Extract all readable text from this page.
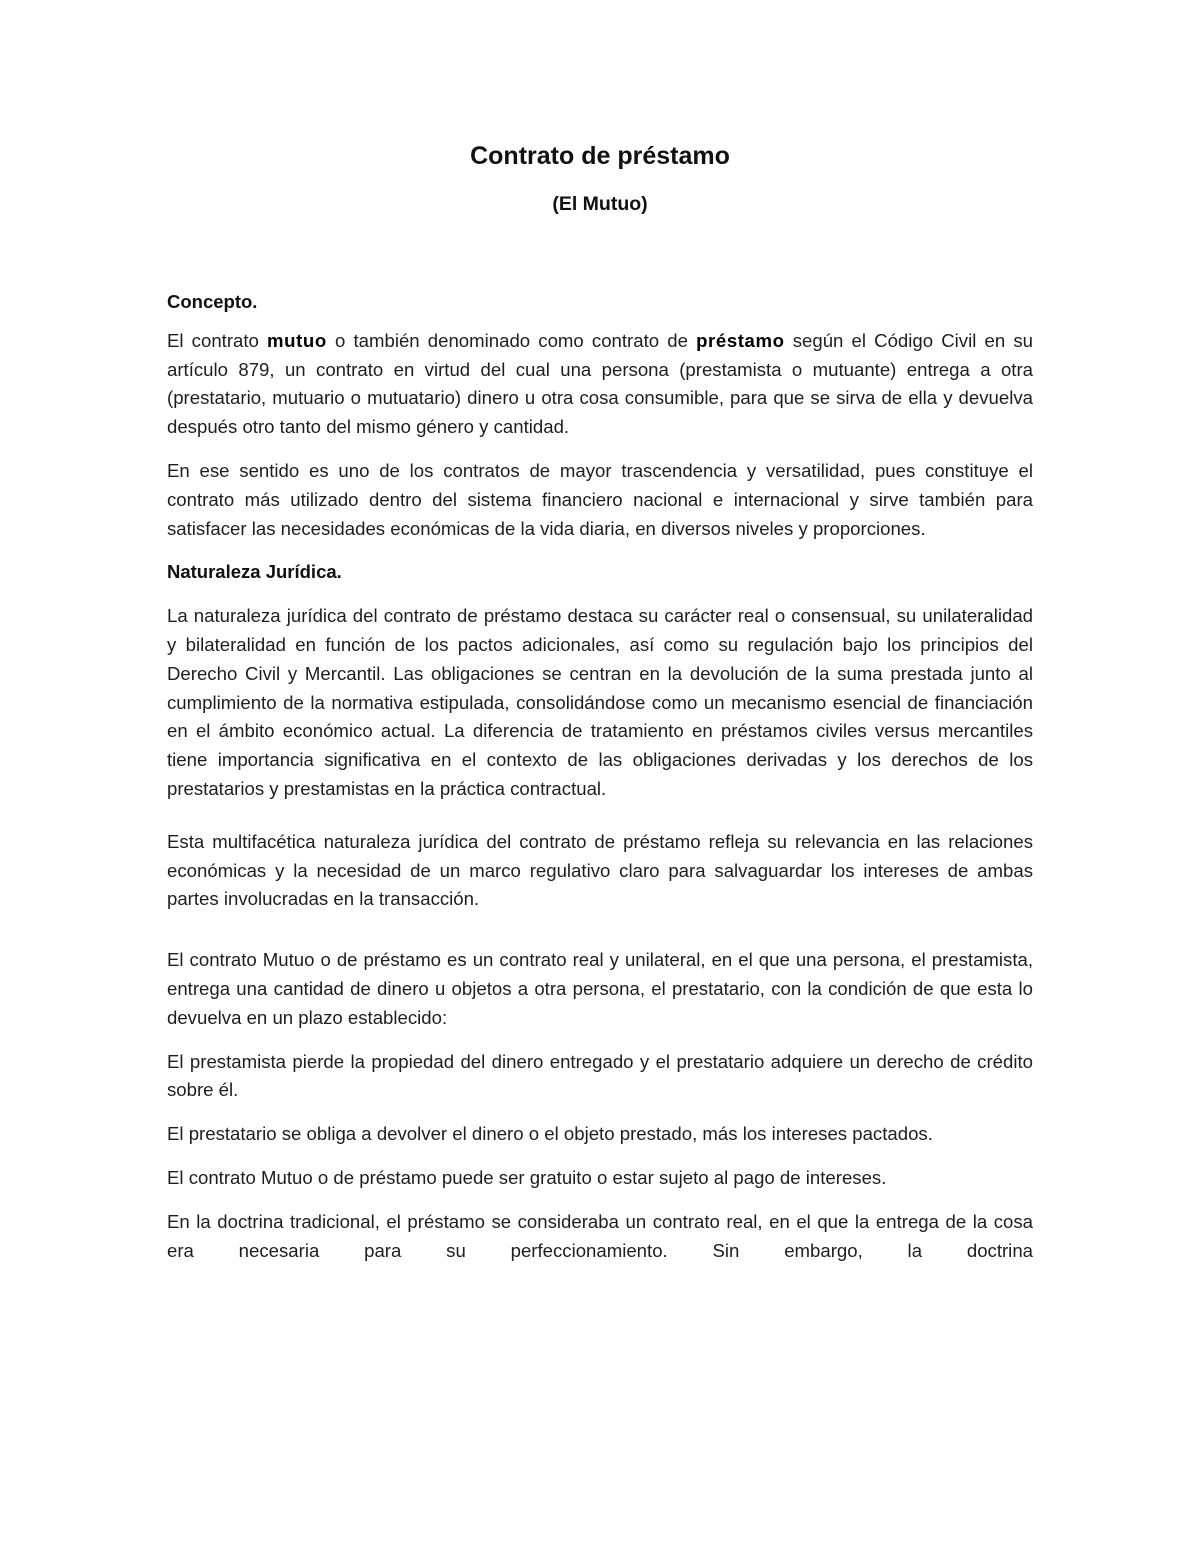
Contrato de préstamo
(El Mutuo)
Concepto.

El contrato mutuo o también denominado como contrato de préstamo según el Código Civil en su artículo 879, un contrato en virtud del cual una persona (prestamista o mutuante) entrega a otra (prestatario, mutuario o mutuatario) dinero u otra cosa consumible, para que se sirva de ella y devuelva después otro tanto del mismo género y cantidad.

En ese sentido es uno de los contratos de mayor trascendencia y versatilidad, pues constituye el contrato más utilizado dentro del sistema financiero nacional e internacional y sirve también para satisfacer las necesidades económicas de la vida diaria, en diversos niveles y proporciones.

Naturaleza Jurídica.

La naturaleza jurídica del contrato de préstamo destaca su carácter real o consensual, su unilateralidad y bilateralidad en función de los pactos adicionales, así como su regulación bajo los principios del Derecho Civil y Mercantil. Las obligaciones se centran en la devolución de la suma prestada junto al cumplimiento de la normativa estipulada, consolidándose como un mecanismo esencial de financiación en el ámbito económico actual. La diferencia de tratamiento en préstamos civiles versus mercantiles tiene importancia significativa en el contexto de las obligaciones derivadas y los derechos de los prestatarios y prestamistas en la práctica contractual.

Esta multifacética naturaleza jurídica del contrato de préstamo refleja su relevancia en las relaciones económicas y la necesidad de un marco regulativo claro para salvaguardar los intereses de ambas partes involucradas en la transacción.

El contrato Mutuo o de préstamo es un contrato real y unilateral, en el que una persona, el prestamista, entrega una cantidad de dinero u objetos a otra persona, el prestatario, con la condición de que esta lo devuelva en un plazo establecido:

El prestamista pierde la propiedad del dinero entregado y el prestatario adquiere un derecho de crédito sobre él.

El prestatario se obliga a devolver el dinero o el objeto prestado, más los intereses pactados.

El contrato Mutuo o de préstamo puede ser gratuito o estar sujeto al pago de intereses.

En la doctrina tradicional, el préstamo se consideraba un contrato real, en el que la entrega de la cosa era necesaria para su perfeccionamiento. Sin embargo, la doctrina
